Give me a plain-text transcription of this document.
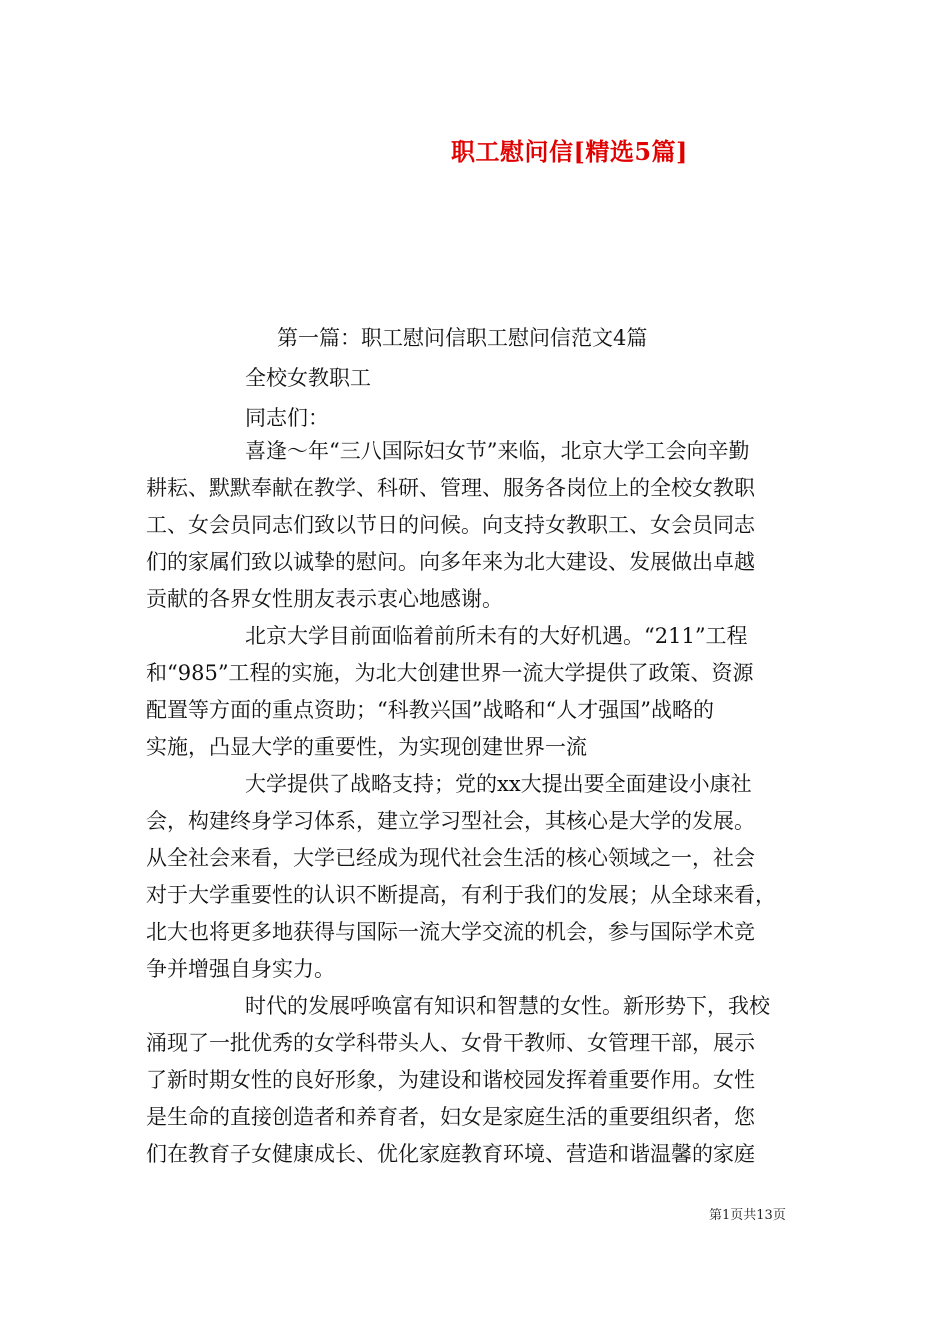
职工慰问信[精选5篇]
第一篇：职工慰问信职工慰问信范文4篇
全校女教职工
同志们：
喜逢～年“三八国际妇女节”来临，北京大学工会向辛勤
耕耘、默默奉献在教学、科研、管理、服务各岗位上的全校女教职
工、女会员同志们致以节日的问候。向支持女教职工、女会员同志
们的家属们致以诚挚的慰问。向多年来为北大建设、发展做出卓越
贡献的各界女性朋友表示衷心地感谢。
北京大学目前面临着前所未有的大好机遇。“211”工程
和“985”工程的实施，为北大创建世界一流大学提供了政策、资源
配置等方面的重点资助；“科教兴国”战略和“人才强国”战略的
实施，凸显大学的重要性，为实现创建世界一流
大学提供了战略支持；党的xx大提出要全面建设小康社
会，构建终身学习体系，建立学习型社会，其核心是大学的发展。
从全社会来看，大学已经成为现代社会生活的核心领域之一，社会
对于大学重要性的认识不断提高，有利于我们的发展；从全球来看，
北大也将更多地获得与国际一流大学交流的机会，参与国际学术竞
争并增强自身实力。
时代的发展呼唤富有知识和智慧的女性。新形势下，我校
涌现了一批优秀的女学科带头人、女骨干教师、女管理干部，展示
了新时期女性的良好形象，为建设和谐校园发挥着重要作用。女性
是生命的直接创造者和养育者，妇女是家庭生活的重要组织者，您
们在教育子女健康成长、优化家庭教育环境、营造和谐温馨的家庭
第1页共13页
